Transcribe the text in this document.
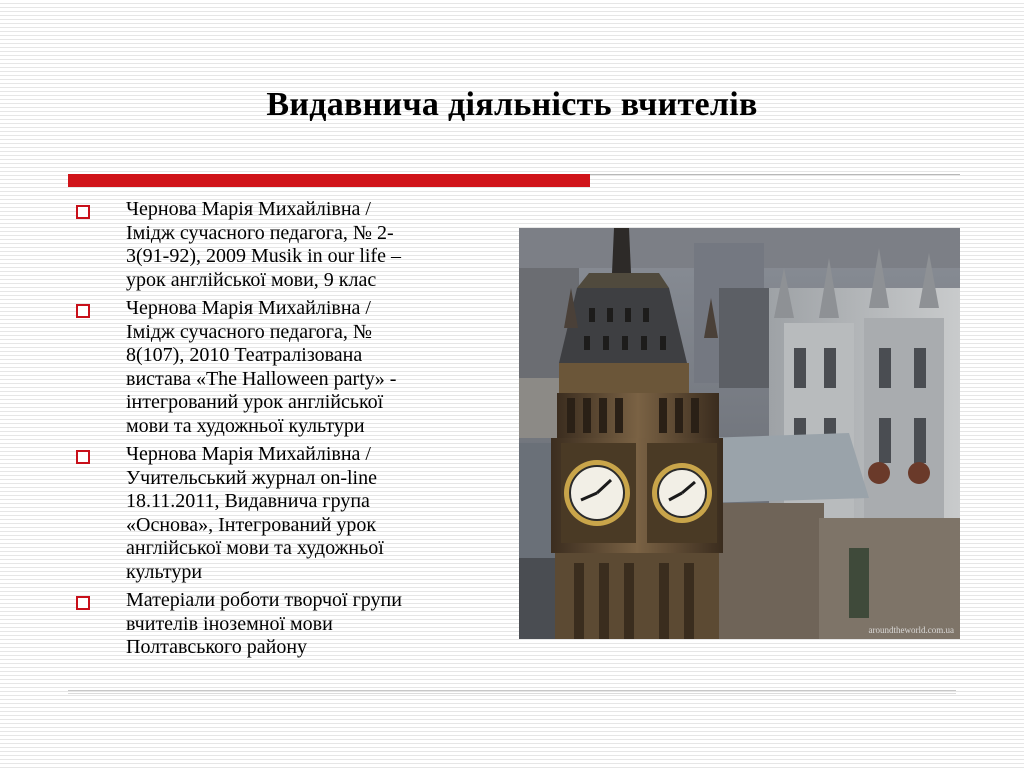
Видавнича діяльність вчителів
Чернова Марія Михайлівна /
Імідж сучасного педагога, № 2-
3(91-92), 2009 Musik in our life –
урок англійської мови, 9 клас
Чернова Марія Михайлівна /
Імідж сучасного педагога, №
8(107), 2010 Театралізована
вистава «The Halloween party» -
інтегрований урок англійської
мови та художньої культури
Чернова Марія Михайлівна /
Учительський журнал on-line
18.11.2011, Видавнича група
«Основа», Інтегрований урок
англійської мови та художньої
культури
Матеріали роботи творчої групи
вчителів іноземної мови
Полтавського району
aroundtheworld.com.ua
